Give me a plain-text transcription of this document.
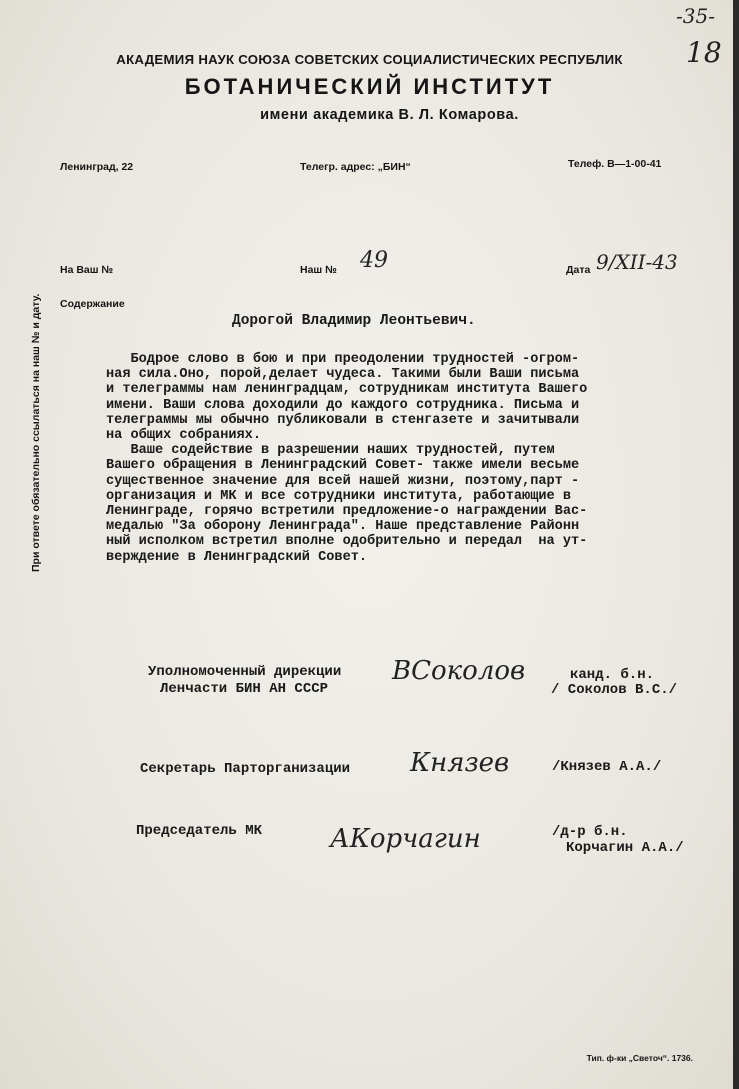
-35-
18
АКАДЕМИЯ НАУК СОЮЗА СОВЕТСКИХ СОЦИАЛИСТИЧЕСКИХ РЕСПУБЛИК
БОТАНИЧЕСКИЙ ИНСТИТУТ
имени академика В. Л. Комарова.
Ленинград, 22	Телегр. адрес: „БИН“	Телеф. В—1-00-41
На Ваш №	Наш № 49	Дата 9/XII-43
Содержание
При ответе обязательно ссылаться на наш № и дату.	Дорогой Владимир Леонтьевич.
Бодрое слово в бою и при преодолении трудностей -огром-
ная сила.Оно, порой,делает чудеса. Такими были Ваши письма
и телеграммы нам ленинградцам, сотрудникам института Вашего
имени. Ваши слова доходили до каждого сотрудника. Письма и
телеграммы мы обычно публиковали в стенгазете и зачитывали
на общих собраниях.
Ваше содействие в разрешении наших трудностей, путем
Вашего обращения в Ленинградский Совет- также имели весьме
существенное значение для всей нашей жизни, поэтому,парт -
организация и МК и все сотрудники института, работающие в
Ленинграде, горячо встретили предложение-о награждении Вас-
медалью "За оборону Ленинграда". Наше представление Районн
ный исполком встретил вполне одобрительно и передал  на ут-
верждение в Ленинградский Совет.
Уполномоченный дирекции
Ленчасти БИН АН СССР
ВСоколов	канд. б.н.
/ Соколов В.С./
Секретарь Парторганизации Князев	/Князев А.А./
Председатель МК	АКорчагин	/д-р б.н.
Корчагин А.А./
Тип. ф-ки „Светоч“. 1736.
